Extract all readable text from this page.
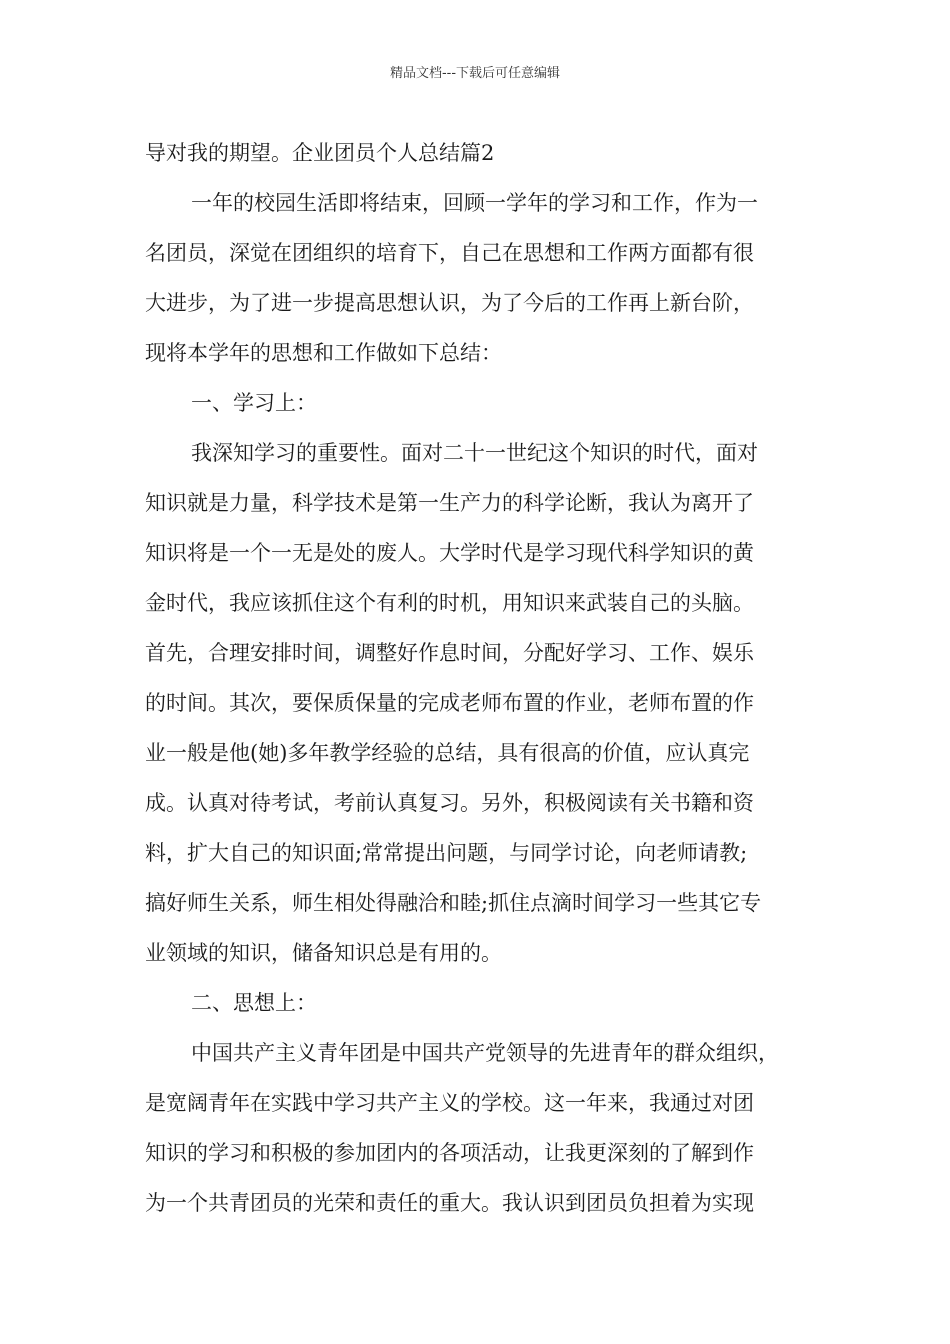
精品文档---下载后可任意编辑
导对我的期望。企业团员个人总结篇2
一年的校园生活即将结束，回顾一学年的学习和工作，作为一
名团员，深觉在团组织的培育下，自己在思想和工作两方面都有很
大进步，为了进一步提高思想认识，为了今后的工作再上新台阶，
现将本学年的思想和工作做如下总结：
一、学习上：
我深知学习的重要性。面对二十一世纪这个知识的时代，面对
知识就是力量，科学技术是第一生产力的科学论断，我认为离开了
知识将是一个一无是处的废人。大学时代是学习现代科学知识的黄
金时代，我应该抓住这个有利的时机，用知识来武装自己的头脑。
首先，合理安排时间，调整好作息时间，分配好学习、工作、娱乐
的时间。其次，要保质保量的完成老师布置的作业，老师布置的作
业一般是他(她)多年教学经验的总结，具有很高的价值，应认真完
成。认真对待考试，考前认真复习。另外，积极阅读有关书籍和资
料，扩大自己的知识面;常常提出问题，与同学讨论，向老师请教;
搞好师生关系，师生相处得融洽和睦;抓住点滴时间学习一些其它专
业领域的知识，储备知识总是有用的。
二、思想上：
中国共产主义青年团是中国共产党领导的先进青年的群众组织，
是宽阔青年在实践中学习共产主义的学校。这一年来，我通过对团
知识的学习和积极的参加团内的各项活动，让我更深刻的了解到作
为一个共青团员的光荣和责任的重大。我认识到团员负担着为实现
